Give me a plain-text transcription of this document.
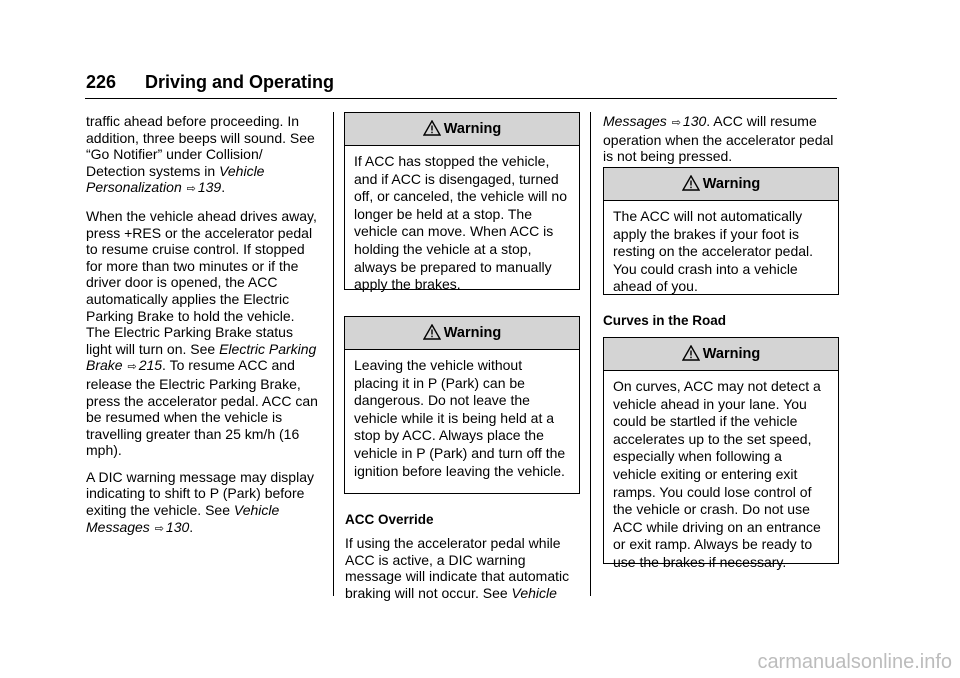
226 Driving and Operating

traffic ahead before proceeding. In addition, three beeps will sound. See “Go Notifier” under Collision/ Detection systems in Vehicle Personalization ⇨ 139.

When the vehicle ahead drives away, press +RES or the accelerator pedal to resume cruise control. If stopped for more than two minutes or if the driver door is opened, the ACC automatically applies the Electric Parking Brake to hold the vehicle. The Electric Parking Brake status light will turn on. See Electric Parking Brake ⇨ 215. To resume ACC and release the Electric Parking Brake, press the accelerator pedal. ACC can be resumed when the vehicle is travelling greater than 25 km/h (16 mph).

A DIC warning message may display indicating to shift to P (Park) before exiting the vehicle. See Vehicle Messages ⇨ 130.

Warning
If ACC has stopped the vehicle, and if ACC is disengaged, turned off, or canceled, the vehicle will no longer be held at a stop. The vehicle can move. When ACC is holding the vehicle at a stop, always be prepared to manually apply the brakes.
Warning
Leaving the vehicle without placing it in P (Park) can be dangerous. Do not leave the vehicle while it is being held at a stop by ACC. Always place the vehicle in P (Park) and turn off the ignition before leaving the vehicle.
ACC Override
If using the accelerator pedal while ACC is active, a DIC warning message will indicate that automatic braking will not occur. See Vehicle
Messages ⇨ 130. ACC will resume operation when the accelerator pedal is not being pressed.
Warning
The ACC will not automatically apply the brakes if your foot is resting on the accelerator pedal. You could crash into a vehicle ahead of you.
Curves in the Road
Warning
On curves, ACC may not detect a vehicle ahead in your lane. You could be startled if the vehicle accelerates up to the set speed, especially when following a vehicle exiting or entering exit ramps. You could lose control of the vehicle or crash. Do not use ACC while driving on an entrance or exit ramp. Always be ready to use the brakes if necessary.
carmanualsonline.info
